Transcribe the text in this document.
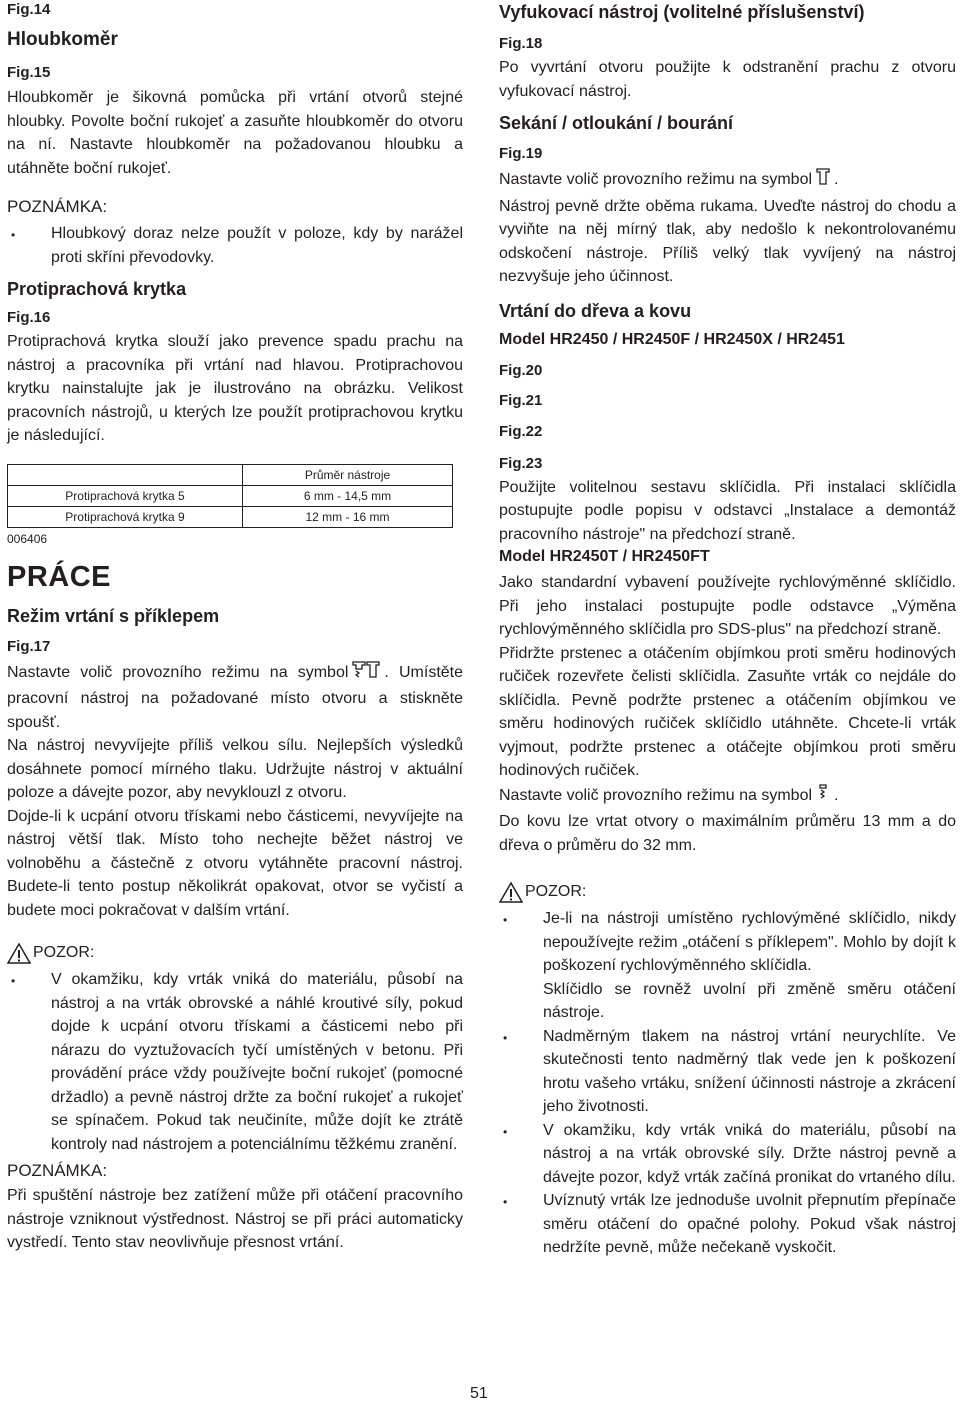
Fig.14

Hloubkoměr

Fig.15

Hloubkoměr je šikovná pomůcka při vrtání otvorů stejné hloubky. Povolte boční rukojeť a zasuňte hloubkoměr do otvoru na ní. Nastavte hloubkoměr na požadovanou hloubku a utáhněte boční rukojeť.

POZNÁMKA:

• Hloubkový doraz nelze použít v poloze, kdy by narážel proti skříni převodovky.

Protiprachová krytka

Fig.16

Protiprachová krytka slouží jako prevence spadu prachu na nástroj a pracovníka při vrtání nad hlavou. Protiprachovou krytku nainstalujte jak je ilustrováno na obrázku. Velikost pracovních nástrojů, u kterých lze použít protiprachovou krytku je následující.

	Průměr nástroje
Protiprachová krytka 5	6 mm - 14,5 mm
Protiprachová krytka 9	12 mm - 16 mm

006406

PRÁCE

Režim vrtání s příklepem

Fig.17

Nastavte volič provozního režimu na symbol . Umístěte pracovní nástroj na požadované místo otvoru a stiskněte spoušť.

Na nástroj nevyvíjejte příliš velkou sílu. Nejlepších výsledků dosáhnete pomocí mírného tlaku. Udržujte nástroj v aktuální poloze a dávejte pozor, aby nevyklouzl z otvoru.

Dojde-li k ucpání otvoru třískami nebo částicemi, nevyvíjejte na nástroj větší tlak. Místo toho nechejte běžet nástroj ve volnoběhu a částečně z otvoru vytáhněte pracovní nástroj. Budete-li tento postup několikrát opakovat, otvor se vyčistí a budete moci pokračovat v dalším vrtání.

POZOR:
• V okamžiku, kdy vrták vniká do materiálu, působí na nástroj a na vrták obrovské a náhlé kroutivé síly, pokud dojde k ucpání otvoru třískami a částicemi nebo při nárazu do vyztužovacích tyčí umístěných v betonu. Při provádění práce vždy používejte boční rukojeť (pomocné držadlo) a pevně nástroj držte za boční rukojeť a rukojeť se spínačem. Pokud tak neučiníte, může dojít ke ztrátě kontroly nad nástrojem a potenciálnímu těžkému zranění.

POZNÁMKA:

Při spuštění nástroje bez zatížení může při otáčení pracovního nástroje vzniknout výstřednost. Nástroj se při práci automaticky vystředí. Tento stav neovlivňuje přesnost vrtání.

Vyfukovací nástroj (volitelné příslušenství)

Fig.18

Po vyvrtání otvoru použijte k odstranění prachu z otvoru vyfukovací nástroj.

Sekání / otloukání / bourání

Fig.19

Nastavte volič provozního režimu na symbol .

Nástroj pevně držte oběma rukama. Uveďte nástroj do chodu a vyviňte na něj mírný tlak, aby nedošlo k nekontrolovanému odskočení nástroje. Příliš velký tlak vyvíjený na nástroj nezvyšuje jeho účinnost.

Vrtání do dřeva a kovu

Model HR2450 / HR2450F / HR2450X / HR2451

Fig.20

Fig.21

Fig.22

Fig.23

Použijte volitelnou sestavu sklíčidla. Při instalaci sklíčidla postupujte podle popisu v odstavci „Instalace a demontáž pracovního nástroje" na předchozí straně.

Model HR2450T / HR2450FT

Jako standardní vybavení používejte rychlovýměnné sklíčidlo. Při jeho instalaci postupujte podle odstavce „Výměna rychlovýměnného sklíčidla pro SDS-plus" na předchozí straně.

Přidržte prstenec a otáčením objímkou proti směru hodinových ručiček rozevřete čelisti sklíčidla. Zasuňte vrták co nejdále do sklíčidla. Pevně podržte prstenec a otáčením objímkou ve směru hodinových ručiček sklíčidlo utáhněte. Chcete-li vrták vyjmout, podržte prstenec a otáčejte objímkou proti směru hodinových ručiček.

Nastavte volič provozního režimu na symbol .

Do kovu lze vrtat otvory o maximálním průměru 13 mm a do dřeva o průměru do 32 mm.

POZOR:
• Je-li na nástroji umístěno rychlovýměné sklíčidlo, nikdy nepoužívejte režim „otáčení s příklepem". Mohlo by dojít k poškození rychlovýměnného sklíčidla.
Sklíčidlo se rovněž uvolní při změně směru otáčení nástroje.
• Nadměrným tlakem na nástroj vrtání neurychlíte. Ve skutečnosti tento nadměrný tlak vede jen k poškození hrotu vašeho vrtáku, snížení účinnosti nástroje a zkrácení jeho životnosti.
• V okamžiku, kdy vrták vniká do materiálu, působí na nástroj a na vrták obrovské síly. Držte nástroj pevně a dávejte pozor, když vrták začíná pronikat do vrtaného dílu.
• Uvíznutý vrták lze jednoduše uvolnit přepnutím přepínače směru otáčení do opačné polohy. Pokud však nástroj nedržíte pevně, může nečekaně vyskočit.
51
